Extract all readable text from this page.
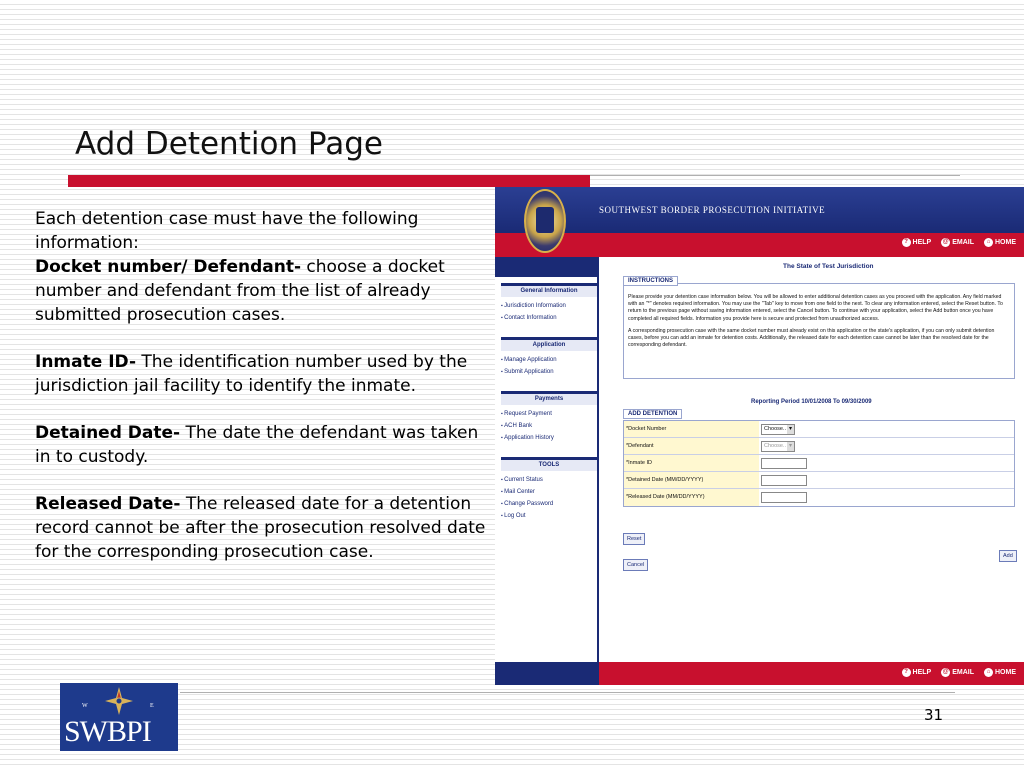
Add Detention Page

Each detention case must have the following information:

Docket number/ Defendant- choose a docket number and defendant from the list of already submitted prosecution cases.

Inmate ID- The identification number used by the jurisdiction jail facility to identify the inmate.

Detained Date- The date the defendant was taken in to custody.

Released Date- The released date for a detention record cannot be after the prosecution resolved date for the corresponding prosecution case.

SOUTHWEST BORDER PROSECUTION INITIATIVE
? HELP @ EMAIL	⌂ HOME
General Information
▪ Jurisdiction Information
▪ Contact Information
Application
▪ Manage Application
▪ Submit Application
Payments
▪ Request Payment
▪ ACH Bank
▪ Application History
TOOLS
▪ Current Status
▪ Mail Center
▪ Change Password
▪ Log Out
The State of Test Jurisdiction

Please provide your detention case information below. You will be allowed to enter additional detention cases as you proceed with the application. Any field marked with an "*" denotes required information. You may use the "Tab" key to move from one field to the next. To clear any information entered, select the Reset button. To return to the previous page without saving information entered, select the Cancel button. To continue with your application, select the Add button once you have completed all required fields. Information you provide here is secure and protected from unauthorized access.

A corresponding prosecution case with the same docket number must already exist on this application or the state's application, if you can only submit detention cases, before you can add an inmate for detention costs. Additionally, the released date for each detention case cannot be later than the resolved date for the corresponding defendant.

INSTRUCTIONS
Reporting Period 10/01/2008 To 09/30/2009
ADD DETENTION
*Docket Number	Choose.. ▾
*Defendant	Choose.. ▾
*Inmate ID
*Detained Date (MM/DD/YYYY)
*Released Date (MM/DD/YYYY)
Reset
Cancel
Add
? HELP @ EMAIL	⌂ HOME
W	E
SWBPI	31
